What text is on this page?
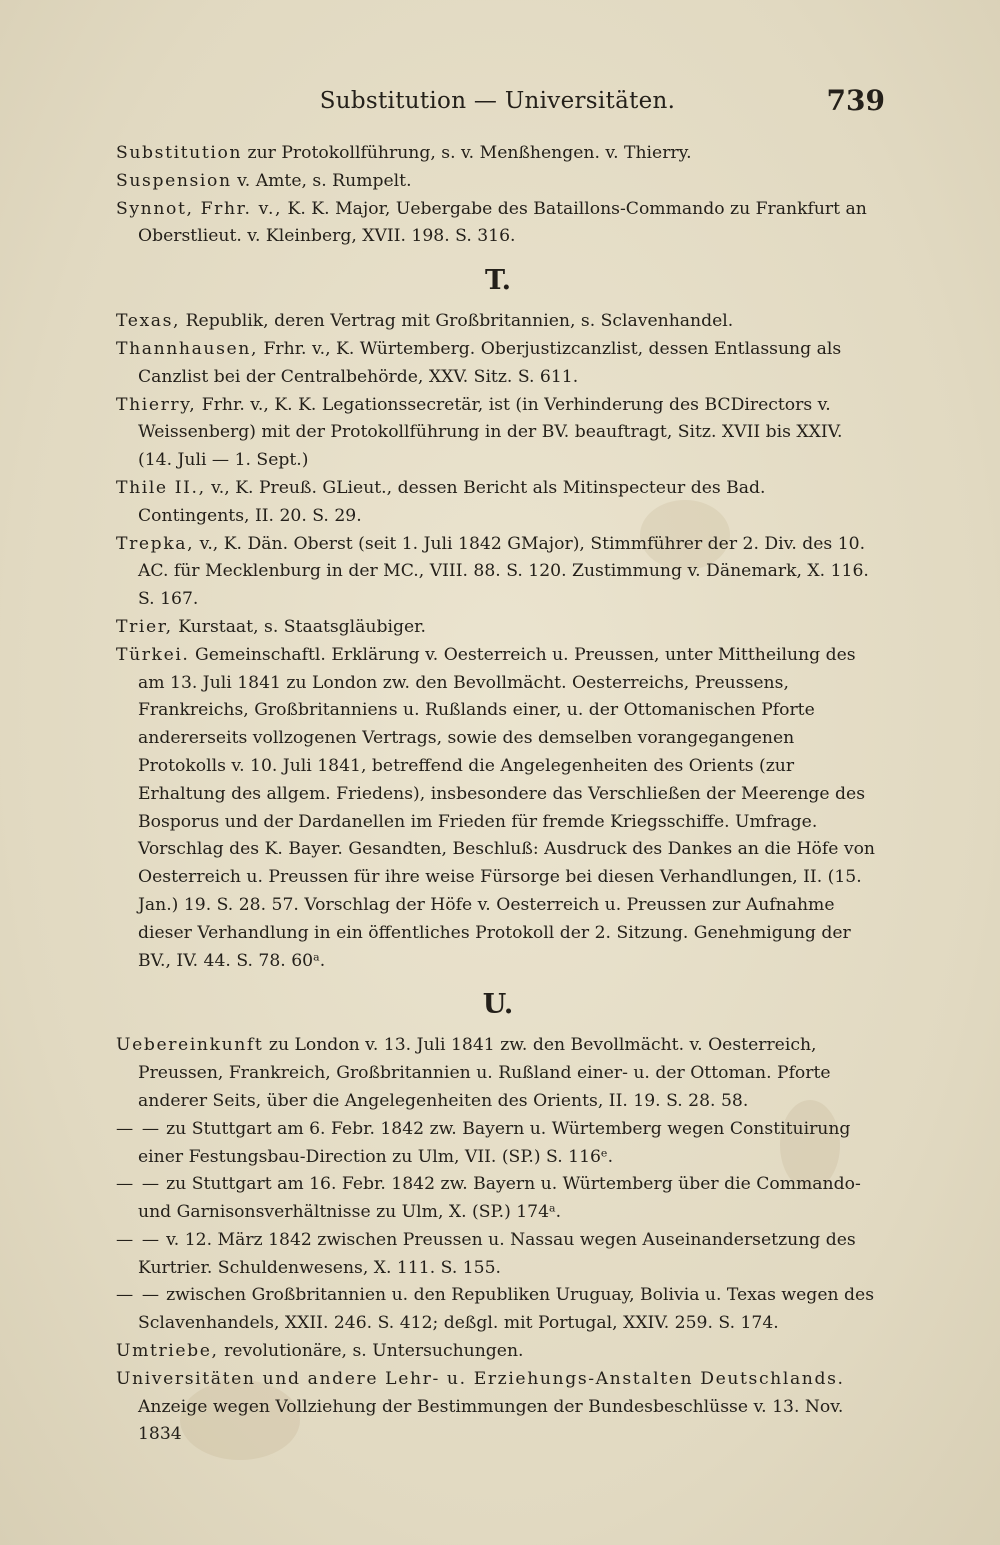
Substitution — Universitäten.	739

Substitution zur Protokollführung, s. v. Menßhengen. v. Thierry.

Suspension v. Amte, s. Rumpelt.

Synnot, Frhr. v., K. K. Major, Uebergabe des Bataillons-Commando zu Frankfurt an Oberstlieut. v. Kleinberg, XVII. 198. S. 316.

T.

Texas, Republik, deren Vertrag mit Großbritannien, s. Sclavenhandel.

Thannhausen, Frhr. v., K. Würtemberg. Oberjustizcanzlist, dessen Entlassung als Canzlist bei der Centralbehörde, XXV. Sitz. S. 611.

Thierry, Frhr. v., K. K. Legationssecretär, ist (in Verhinderung des BCDirectors v. Weissenberg) mit der Protokollführung in der BV. beauftragt, Sitz. XVII bis XXIV. (14. Juli — 1. Sept.)

Thile II., v., K. Preuß. GLieut., dessen Bericht als Mitinspecteur des Bad. Contingents, II. 20. S. 29.

Trepka, v., K. Dän. Oberst (seit 1. Juli 1842 GMajor), Stimmführer der 2. Div. des 10. AC. für Mecklenburg in der MC., VIII. 88. S. 120. Zustimmung v. Dänemark, X. 116. S. 167.

Trier, Kurstaat, s. Staatsgläubiger.

Türkei. Gemeinschaftl. Erklärung v. Oesterreich u. Preussen, unter Mittheilung des am 13. Juli 1841 zu London zw. den Bevollmächt. Oesterreichs, Preussens, Frankreichs, Großbritanniens u. Rußlands einer, u. der Ottomanischen Pforte andererseits vollzogenen Vertrags, sowie des demselben vorangegangenen Protokolls v. 10. Juli 1841, betreffend die Angelegenheiten des Orients (zur Erhaltung des allgem. Friedens), insbesondere das Verschließen der Meerenge des Bosporus und der Dardanellen im Frieden für fremde Kriegsschiffe. Umfrage. Vorschlag des K. Bayer. Gesandten, Beschluß: Ausdruck des Dankes an die Höfe von Oesterreich u. Preussen für ihre weise Fürsorge bei diesen Verhandlungen, II. (15. Jan.) 19. S. 28. 57. Vorschlag der Höfe v. Oesterreich u. Preussen zur Aufnahme dieser Verhandlung in ein öffentliches Protokoll der 2. Sitzung. Genehmigung der BV., IV. 44. S. 78. 60ᵃ.

U.

Uebereinkunft zu London v. 13. Juli 1841 zw. den Bevollmächt. v. Oesterreich, Preussen, Frankreich, Großbritannien u. Rußland einer- u. der Ottoman. Pforte anderer Seits, über die Angelegenheiten des Orients, II. 19. S. 28. 58.

— — zu Stuttgart am 6. Febr. 1842 zw. Bayern u. Würtemberg wegen Constituirung einer Festungsbau-Direction zu Ulm, VII. (SP.) S. 116ᵉ.

— — zu Stuttgart am 16. Febr. 1842 zw. Bayern u. Würtemberg über die Commando- und Garnisonsverhältnisse zu Ulm, X. (SP.) 174ᵃ.

— — v. 12. März 1842 zwischen Preussen u. Nassau wegen Auseinandersetzung des Kurtrier. Schuldenwesens, X. 111. S. 155.

— — zwischen Großbritannien u. den Republiken Uruguay, Bolivia u. Texas wegen des Sclavenhandels, XXII. 246. S. 412; deßgl. mit Portugal, XXIV. 259. S. 174.

Umtriebe, revolutionäre, s. Untersuchungen.

Universitäten und andere Lehr- u. Erziehungs-Anstalten Deutschlands. Anzeige wegen Vollziehung der Bestimmungen der Bundesbeschlüsse v. 13. Nov. 1834
